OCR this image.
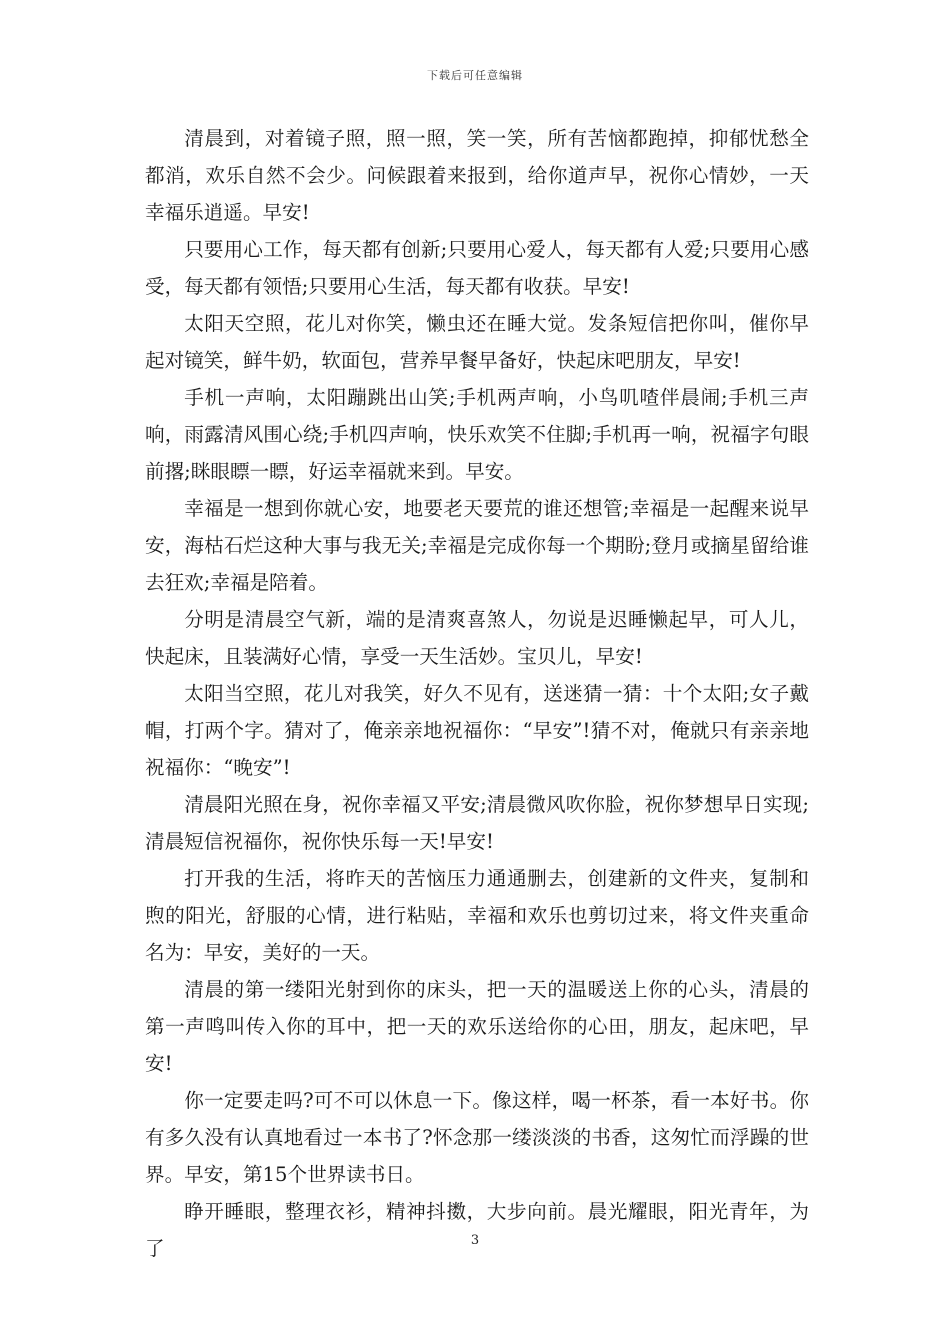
下载后可任意编辑

清晨到，对着镜子照，照一照，笑一笑，所有苦恼都跑掉，抑郁忧愁全都消，欢乐自然不会少。问候跟着来报到，给你道声早，祝你心情妙，一天幸福乐逍遥。早安!

只要用心工作，每天都有创新;只要用心爱人，每天都有人爱;只要用心感受，每天都有领悟;只要用心生活，每天都有收获。早安!

太阳天空照，花儿对你笑，懒虫还在睡大觉。发条短信把你叫，催你早起对镜笑，鲜牛奶，软面包，营养早餐早备好，快起床吧朋友，早安!

手机一声响，太阳蹦跳出山笑;手机两声响，小鸟叽喳伴晨闹;手机三声响，雨露清风围心绕;手机四声响，快乐欢笑不住脚;手机再一响，祝福字句眼前撂;眯眼瞟一瞟，好运幸福就来到。早安。

幸福是一想到你就心安，地要老天要荒的谁还想管;幸福是一起醒来说早安，海枯石烂这种大事与我无关;幸福是完成你每一个期盼;登月或摘星留给谁去狂欢;幸福是陪着。

分明是清晨空气新，端的是清爽喜煞人，勿说是迟睡懒起早，可人儿，快起床，且装满好心情，享受一天生活妙。宝贝儿，早安!

太阳当空照，花儿对我笑，好久不见有，送迷猜一猜：十个太阳;女子戴帽，打两个字。猜对了，俺亲亲地祝福你：“早安”!猜不对，俺就只有亲亲地祝福你：“晚安”!

清晨阳光照在身，祝你幸福又平安;清晨微风吹你脸，祝你梦想早日实现;清晨短信祝福你，祝你快乐每一天!早安!

打开我的生活，将昨天的苦恼压力通通删去，创建新的文件夹，复制和煦的阳光，舒服的心情，进行粘贴，幸福和欢乐也剪切过来，将文件夹重命名为：早安，美好的一天。

清晨的第一缕阳光射到你的床头，把一天的温暖送上你的心头，清晨的第一声鸣叫传入你的耳中，把一天的欢乐送给你的心田，朋友，起床吧，早安!

你一定要走吗?可不可以休息一下。像这样，喝一杯茶，看一本好书。你有多久没有认真地看过一本书了?怀念那一缕淡淡的书香，这匆忙而浮躁的世界。早安，第15个世界读书日。

睁开睡眼，整理衣衫，精神抖擞，大步向前。晨光耀眼，阳光青年，为了	3
